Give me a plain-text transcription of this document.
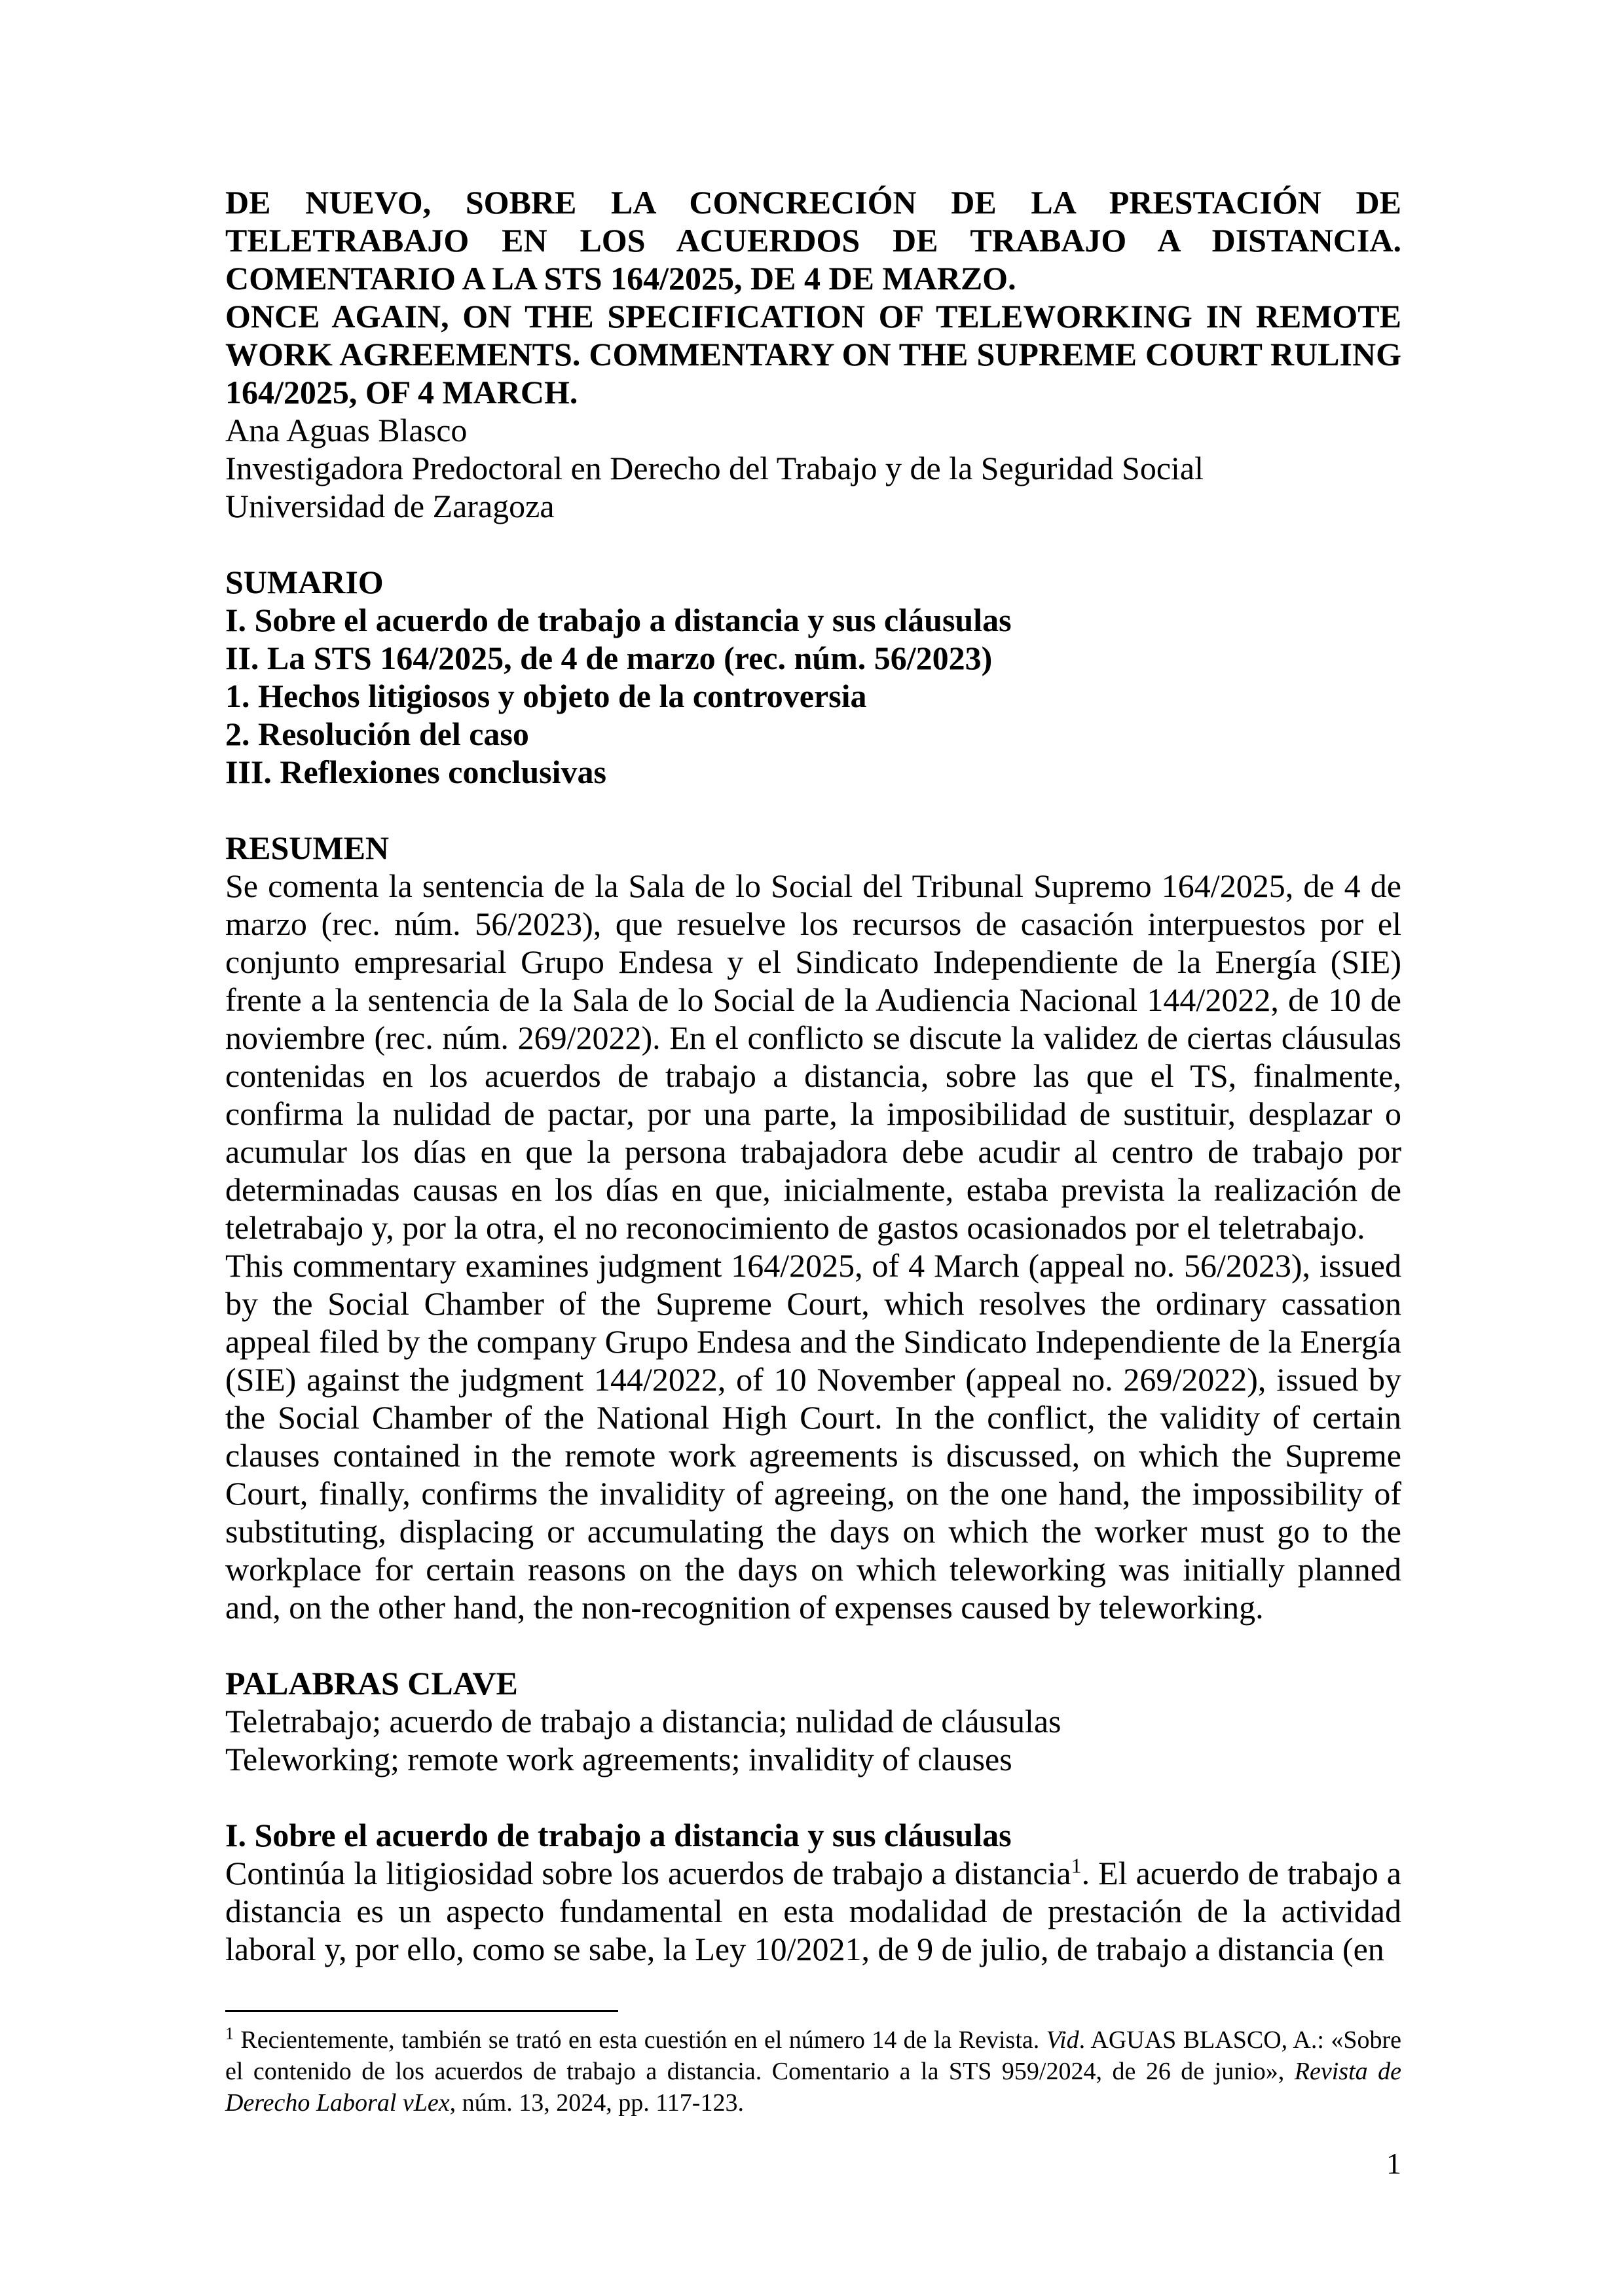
DE NUEVO, SOBRE LA CONCRECIÓN DE LA PRESTACIÓN DE TELETRABAJO EN LOS ACUERDOS DE TRABAJO A DISTANCIA. COMENTARIO A LA STS 164/2025, DE 4 DE MARZO.

ONCE AGAIN, ON THE SPECIFICATION OF TELEWORKING IN REMOTE WORK AGREEMENTS. COMMENTARY ON THE SUPREME COURT RULING 164/2025, OF 4 MARCH.

Ana Aguas Blasco

Investigadora Predoctoral en Derecho del Trabajo y de la Seguridad Social

Universidad de Zaragoza

SUMARIO

I. Sobre el acuerdo de trabajo a distancia y sus cláusulas

II. La STS 164/2025, de 4 de marzo (rec. núm. 56/2023)

1. Hechos litigiosos y objeto de la controversia

2. Resolución del caso

III. Reflexiones conclusivas

RESUMEN

Se comenta la sentencia de la Sala de lo Social del Tribunal Supremo 164/2025, de 4 de marzo (rec. núm. 56/2023), que resuelve los recursos de casación interpuestos por el conjunto empresarial Grupo Endesa y el Sindicato Independiente de la Energía (SIE) frente a la sentencia de la Sala de lo Social de la Audiencia Nacional 144/2022, de 10 de noviembre (rec. núm. 269/2022). En el conflicto se discute la validez de ciertas cláusulas contenidas en los acuerdos de trabajo a distancia, sobre las que el TS, finalmente, confirma la nulidad de pactar, por una parte, la imposibilidad de sustituir, desplazar o acumular los días en que la persona trabajadora debe acudir al centro de trabajo por determinadas causas en los días en que, inicialmente, estaba prevista la realización de teletrabajo y, por la otra, el no reconocimiento de gastos ocasionados por el teletrabajo.

This commentary examines judgment 164/2025, of 4 March (appeal no. 56/2023), issued by the Social Chamber of the Supreme Court, which resolves the ordinary cassation appeal filed by the company Grupo Endesa and the Sindicato Independiente de la Energía (SIE) against the judgment 144/2022, of 10 November (appeal no. 269/2022), issued by the Social Chamber of the National High Court. In the conflict, the validity of certain clauses contained in the remote work agreements is discussed, on which the Supreme Court, finally, confirms the invalidity of agreeing, on the one hand, the impossibility of substituting, displacing or accumulating the days on which the worker must go to the workplace for certain reasons on the days on which teleworking was initially planned and, on the other hand, the non-recognition of expenses caused by teleworking.

PALABRAS CLAVE

Teletrabajo; acuerdo de trabajo a distancia; nulidad de cláusulas

Teleworking; remote work agreements; invalidity of clauses

I. Sobre el acuerdo de trabajo a distancia y sus cláusulas

Continúa la litigiosidad sobre los acuerdos de trabajo a distancia$^1$. El acuerdo de trabajo a distancia es un aspecto fundamental en esta modalidad de prestación de la actividad laboral y, por ello, como se sabe, la Ley 10/2021, de 9 de julio, de trabajo a distancia (en

$^1$ Recientemente, también se trató en esta cuestión en el número 14 de la Revista. Vid. AGUAS BLASCO, A.: «Sobre el contenido de los acuerdos de trabajo a distancia. Comentario a la STS 959/2024, de 26 de junio», Revista de Derecho Laboral vLex, núm. 13, 2024, pp. 117-123.

1
